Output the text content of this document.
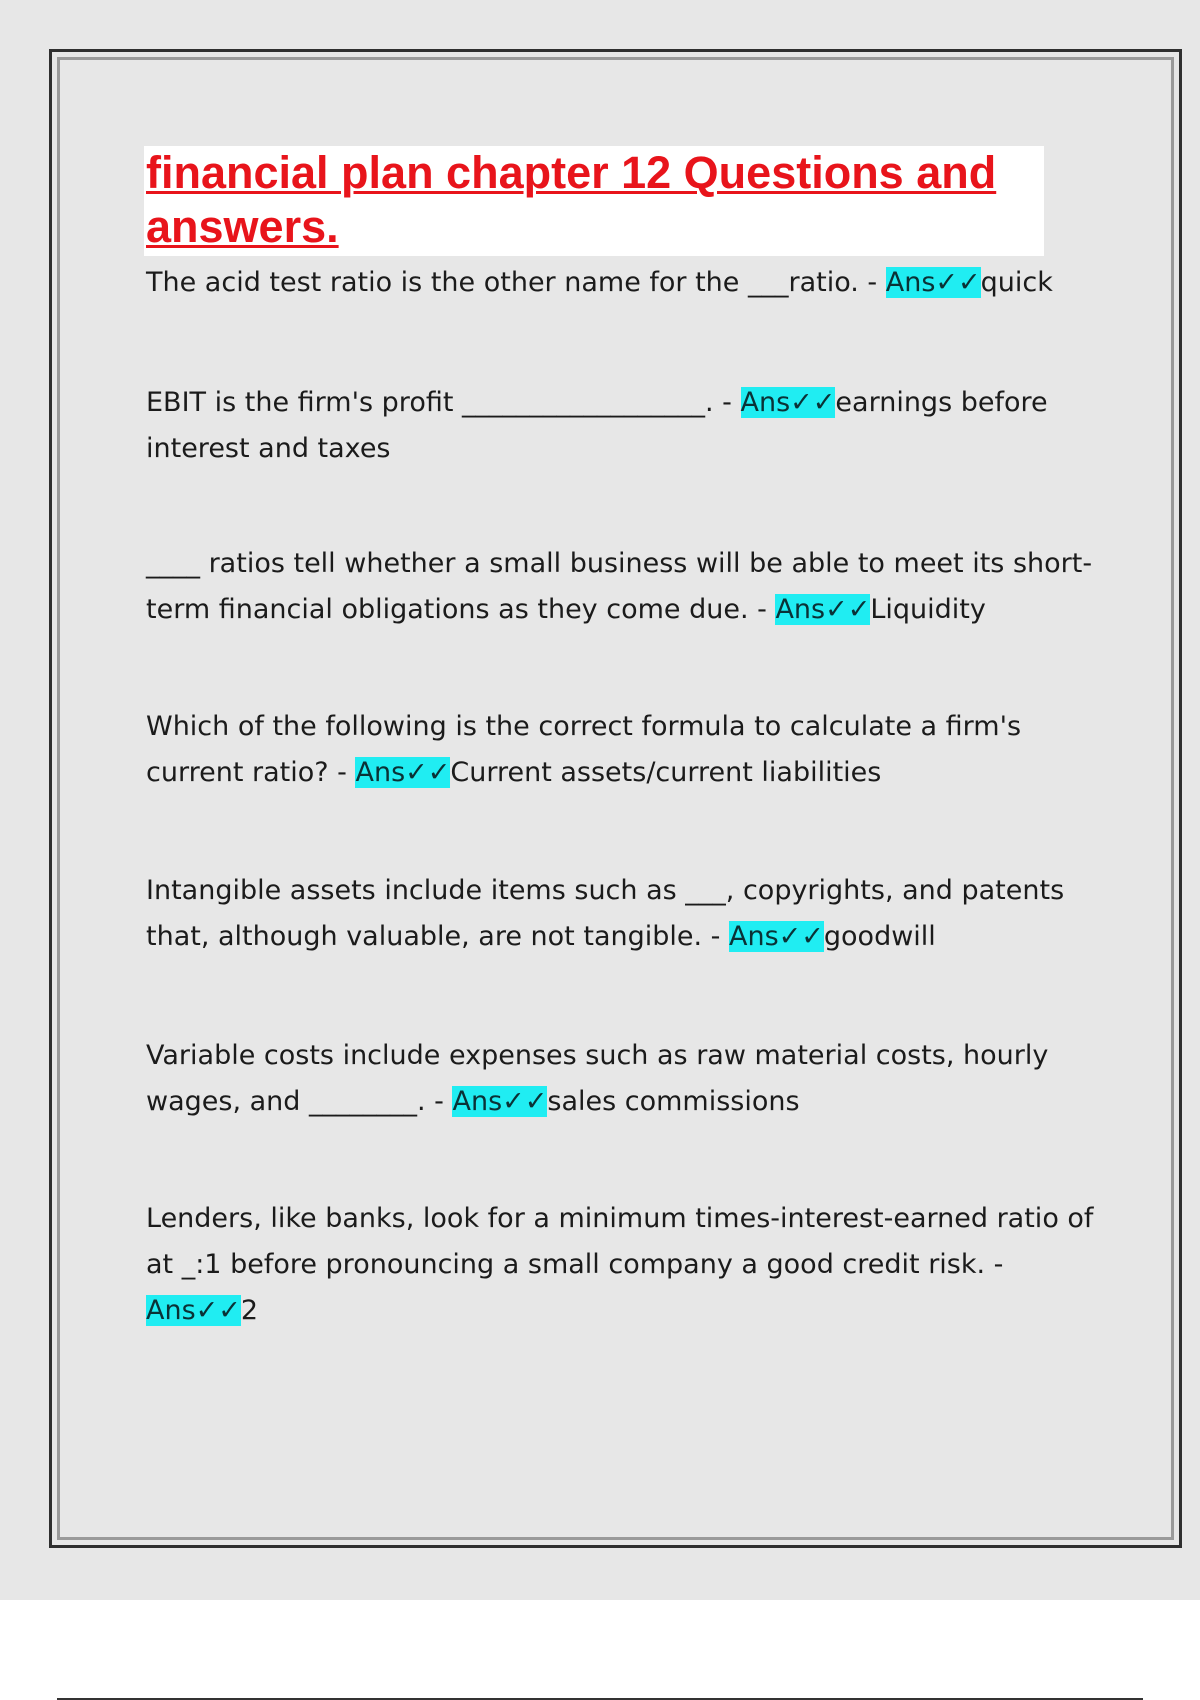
financial plan chapter 12 Questions and answers.

The acid test ratio is the other name for the ___ratio. - Ans✓✓quick

EBIT is the firm's profit __________________. - Ans✓✓earnings before interest and taxes

____ ratios tell whether a small business will be able to meet its short-term financial obligations as they come due. - Ans✓✓Liquidity

Which of the following is the correct formula to calculate a firm's current ratio? - Ans✓✓Current assets/current liabilities

Intangible assets include items such as ___, copyrights, and patents that, although valuable, are not tangible. - Ans✓✓goodwill

Variable costs include expenses such as raw material costs, hourly wages, and ________. - Ans✓✓sales commissions

Lenders, like banks, look for a minimum times-interest-earned ratio of at _:1 before pronouncing a small company a good credit risk. - Ans✓✓2
